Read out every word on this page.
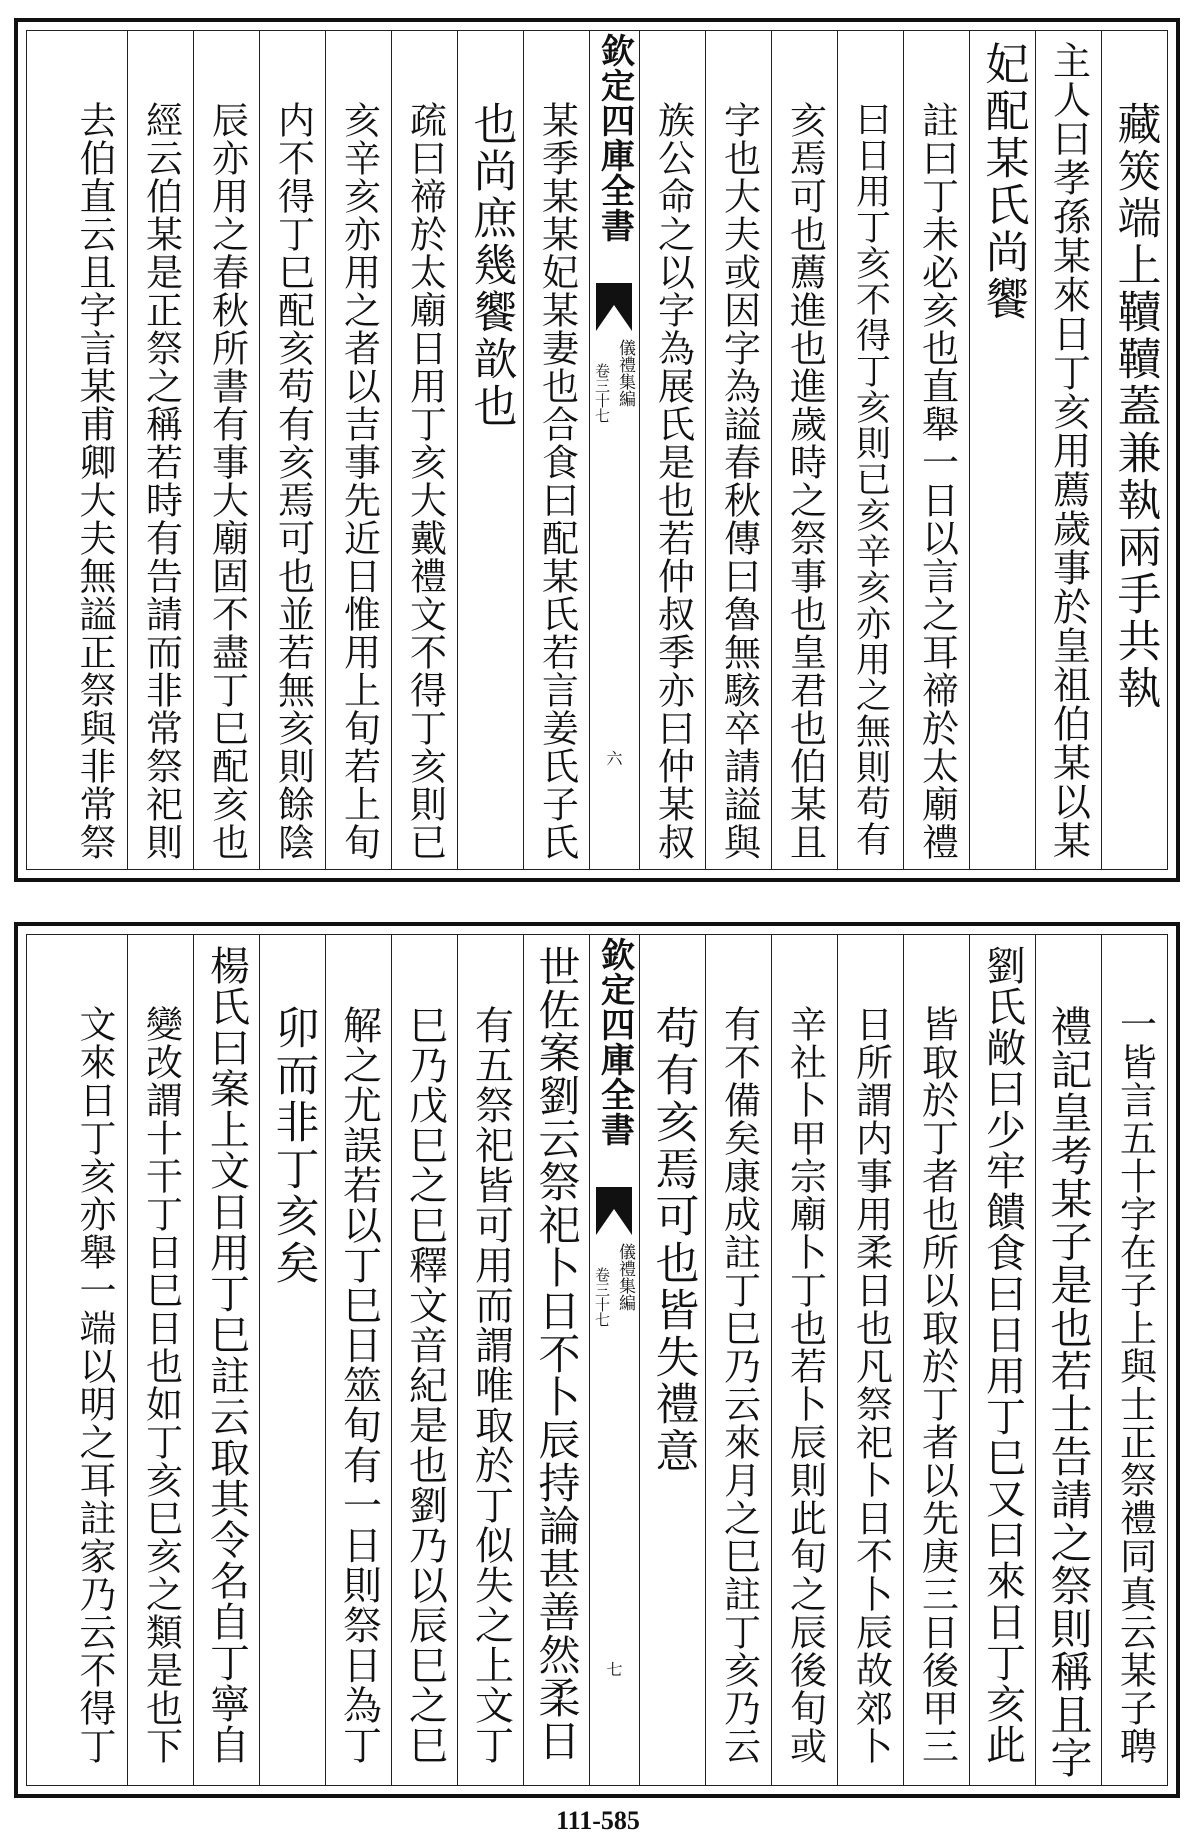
藏筴端上韇韇蓋兼執兩手共執
主人曰孝孫某來日丁亥用薦歲事於皇祖伯某以某
妃配某氏尚饗
註曰丁未必亥也直舉一日以言之耳禘於太廟禮
曰日用丁亥不得丁亥則已亥辛亥亦用之無則苟有
亥焉可也薦進也進歲時之祭事也皇君也伯某且
字也大夫或因字為謚春秋傳曰魯無駭卒請謚與
族公命之以字為展氏是也若仲叔季亦曰仲某叔
欽定四庫全書
儀禮集編
卷三十七
六
某季某某妃某妻也合食曰配某氏若言姜氏子氏
也尚庶幾饗歆也
疏曰禘於太廟日用丁亥大戴禮文不得丁亥則已
亥辛亥亦用之者以吉事先近日惟用上旬若上旬
内不得丁巳配亥苟有亥焉可也並若無亥則餘陰
辰亦用之春秋所書有事大廟固不盡丁巳配亥也
經云伯某是正祭之稱若時有告請而非常祭祀則
去伯直云且字言某甫卿大夫無謚正祭與非常祭
一皆言五十字在子上與士正祭禮同真云某子聘
禮記皇考某子是也若士告請之祭則稱且字
劉氏敞曰少牢饋食曰日用丁巳又曰來日丁亥此
皆取於丁者也所以取於丁者以先庚三日後甲三
日所謂内事用柔日也凡祭祀卜日不卜辰故郊卜
辛社卜甲宗廟卜丁也若卜辰則此旬之辰後旬或
有不備矣康成註丁巳乃云來月之巳註丁亥乃云
苟有亥焉可也皆失禮意
欽定四庫全書
儀禮集編
卷三十七
七
世佐案劉云祭祀卜日不卜辰持論甚善然柔日
有五祭祀皆可用而謂唯取於丁似失之上文丁
巳乃戊巳之巳釋文音紀是也劉乃以辰巳之巳
解之尤誤若以丁巳日筮旬有一日則祭日為丁
卯而非丁亥矣
楊氏曰案上文日用丁巳註云取其令名自丁寧自
變改謂十干丁日巳日也如丁亥巳亥之類是也下
文來日丁亥亦舉一端以明之耳註家乃云不得丁
111-585
